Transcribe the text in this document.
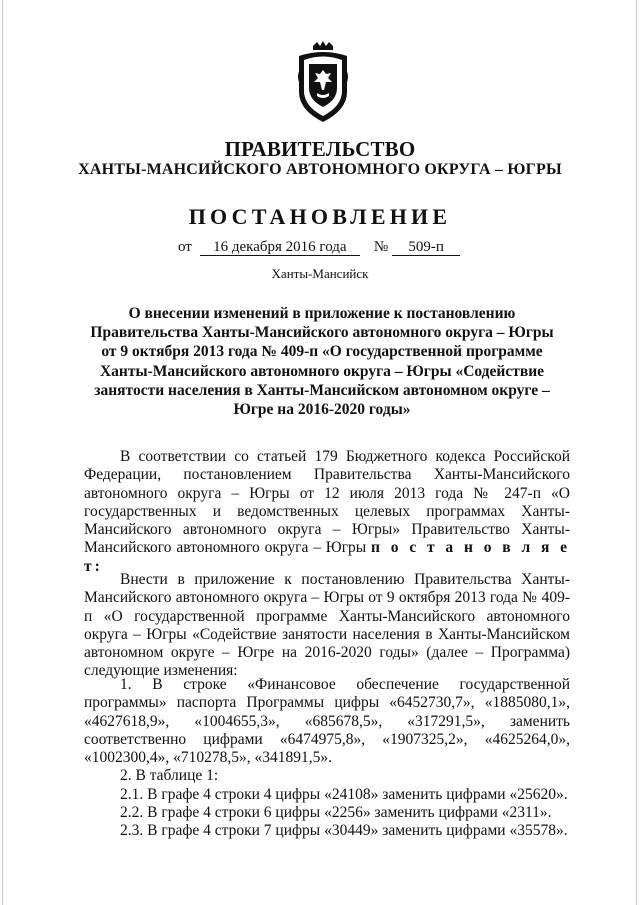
ПРАВИТЕЛЬСТВО
ХАНТЫ-МАНСИЙСКОГО АВТОНОМНОГО ОКРУГА – ЮГРЫ
ПОСТАНОВЛЕНИЕ
от 16 декабря 2016 года № 509-п
Ханты-Мансийск
О внесении изменений в приложение к постановлению Правительства Ханты-Мансийского автономного округа – Югры от 9 октября 2013 года № 409-п «О государственной программе Ханты-Мансийского автономного округа – Югры «Содействие занятости населения в Ханты-Мансийском автономном округе – Югре на 2016-2020 годы»
В соответствии со статьей 179 Бюджетного кодекса Российской Федерации, постановлением Правительства Ханты-Мансийского автономного округа – Югры от 12 июля 2013 года № 247-п «О государственных и ведомственных целевых программах Ханты-Мансийского автономного округа – Югры» Правительство Ханты-Мансийского автономного округа – Югры п о с т а н о в л я е т:
Внести в приложение к постановлению Правительства Ханты-Мансийского автономного округа – Югры от 9 октября 2013 года № 409-п «О государственной программе Ханты-Мансийского автономного округа – Югры «Содействие занятости населения в Ханты-Мансийском автономном округе – Югре на 2016-2020 годы» (далее – Программа) следующие изменения:

1. В строке «Финансовое обеспечение государственной программы» паспорта Программы цифры «6452730,7», «1885080,1», «4627618,9», «1004655,3», «685678,5», «317291,5», заменить соответственно цифрами «6474975,8», «1907325,2», «4625264,0», «1002300,4», «710278,5», «341891,5».

2. В таблице 1:

2.1. В графе 4 строки 4 цифры «24108» заменить цифрами «25620».

2.2. В графе 4 строки 6 цифры «2256» заменить цифрами «2311».

2.3. В графе 4 строки 7 цифры «30449» заменить цифрами «35578».
